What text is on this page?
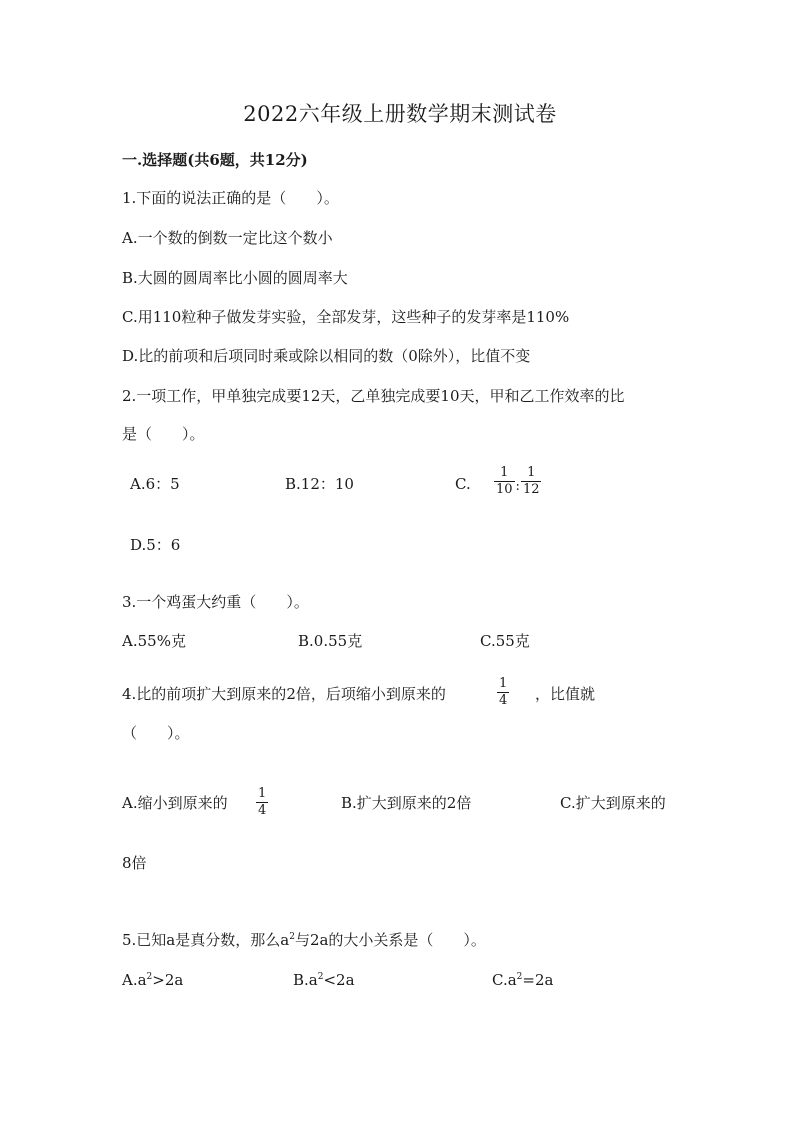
2022六年级上册数学期末测试卷
一.选择题(共6题，共12分)
1.下面的说法正确的是（　　）。
A.一个数的倒数一定比这个数小
B.大圆的圆周率比小圆的圆周率大
C.用110粒种子做发芽实验，全部发芽，这些种子的发芽率是110%
D.比的前项和后项同时乘或除以相同的数（0除外），比值不变
2.一项工作，甲单独完成要12天，乙单独完成要10天，甲和乙工作效率的比
是（　　）。
A.6：5	B.12：10	C. $\frac{1}{10}$ : $\frac{1}{12}$
D.5：6
3.一个鸡蛋大约重（　　）。
A.55%克	B.0.55克	C.55克
4.比的前项扩大到原来的2倍，后项缩小到原来的	$\frac{1}{4}$ ，比值就
（　　）。
A.缩小到原来的 $\frac{1}{4}$	B.扩大到原来的2倍	C.扩大到原来的
8倍
5.已知a是真分数，那么$a^2$与2a的大小关系是（　　）。
$A.a^2>2a$	$B.a^2<2a$	$C.a^2=2a$
